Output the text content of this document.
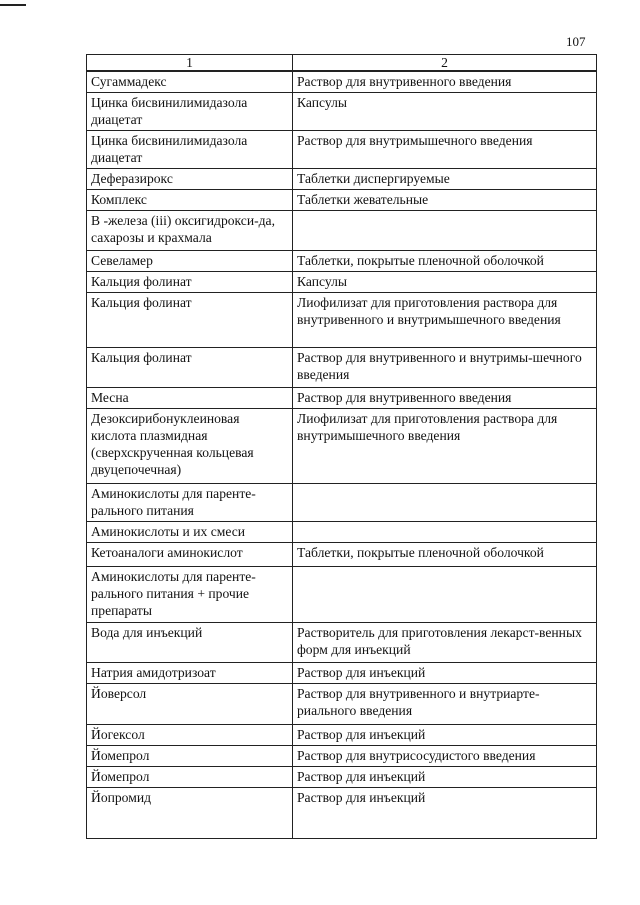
107
1	2
Сугаммадекс	Раствор для внутривенного введения
Цинка бисвинилимидазола диацетат	Капсулы
Цинка бисвинилимидазола диацетат	Раствор для внутримышечного введения
Деферазирокс	Таблетки диспергируемые
Комплекс	Таблетки жевательные
В -железа (iii) оксигидрокси-да, сахарозы и крахмала	
Севеламер	Таблетки, покрытые пленочной оболочкой
Кальция фолинат	Капсулы
Кальция фолинат	Лиофилизат для приготовления раствора для внутривенного и внутримышечного введения
Кальция фолинат	Раствор для внутривенного и внутримы-шечного введения
Месна	Раствор для внутривенного введения
Дезоксирибонуклеиновая кислота плазмидная (сверхскрученная кольцевая двуцепочечная)	Лиофилизат для приготовления раствора для внутримышечного введения
Аминокислоты для паренте-рального питания	
Аминокислоты и их смеси	
Кетоаналоги аминокислот	Таблетки, покрытые пленочной оболочкой
Аминокислоты для паренте-рального питания + прочие препараты	
Вода для инъекций	Растворитель для приготовления лекарст-венных форм для инъекций
Натрия амидотризоат	Раствор для инъекций
Йоверсол	Раствор для внутривенного и внутриарте-риального введения
Йогексол	Раствор для инъекций
Йомепрол	Раствор для внутрисосудистого введения
Йомепрол	Раствор для инъекций
Йопромид	Раствор для инъекций
